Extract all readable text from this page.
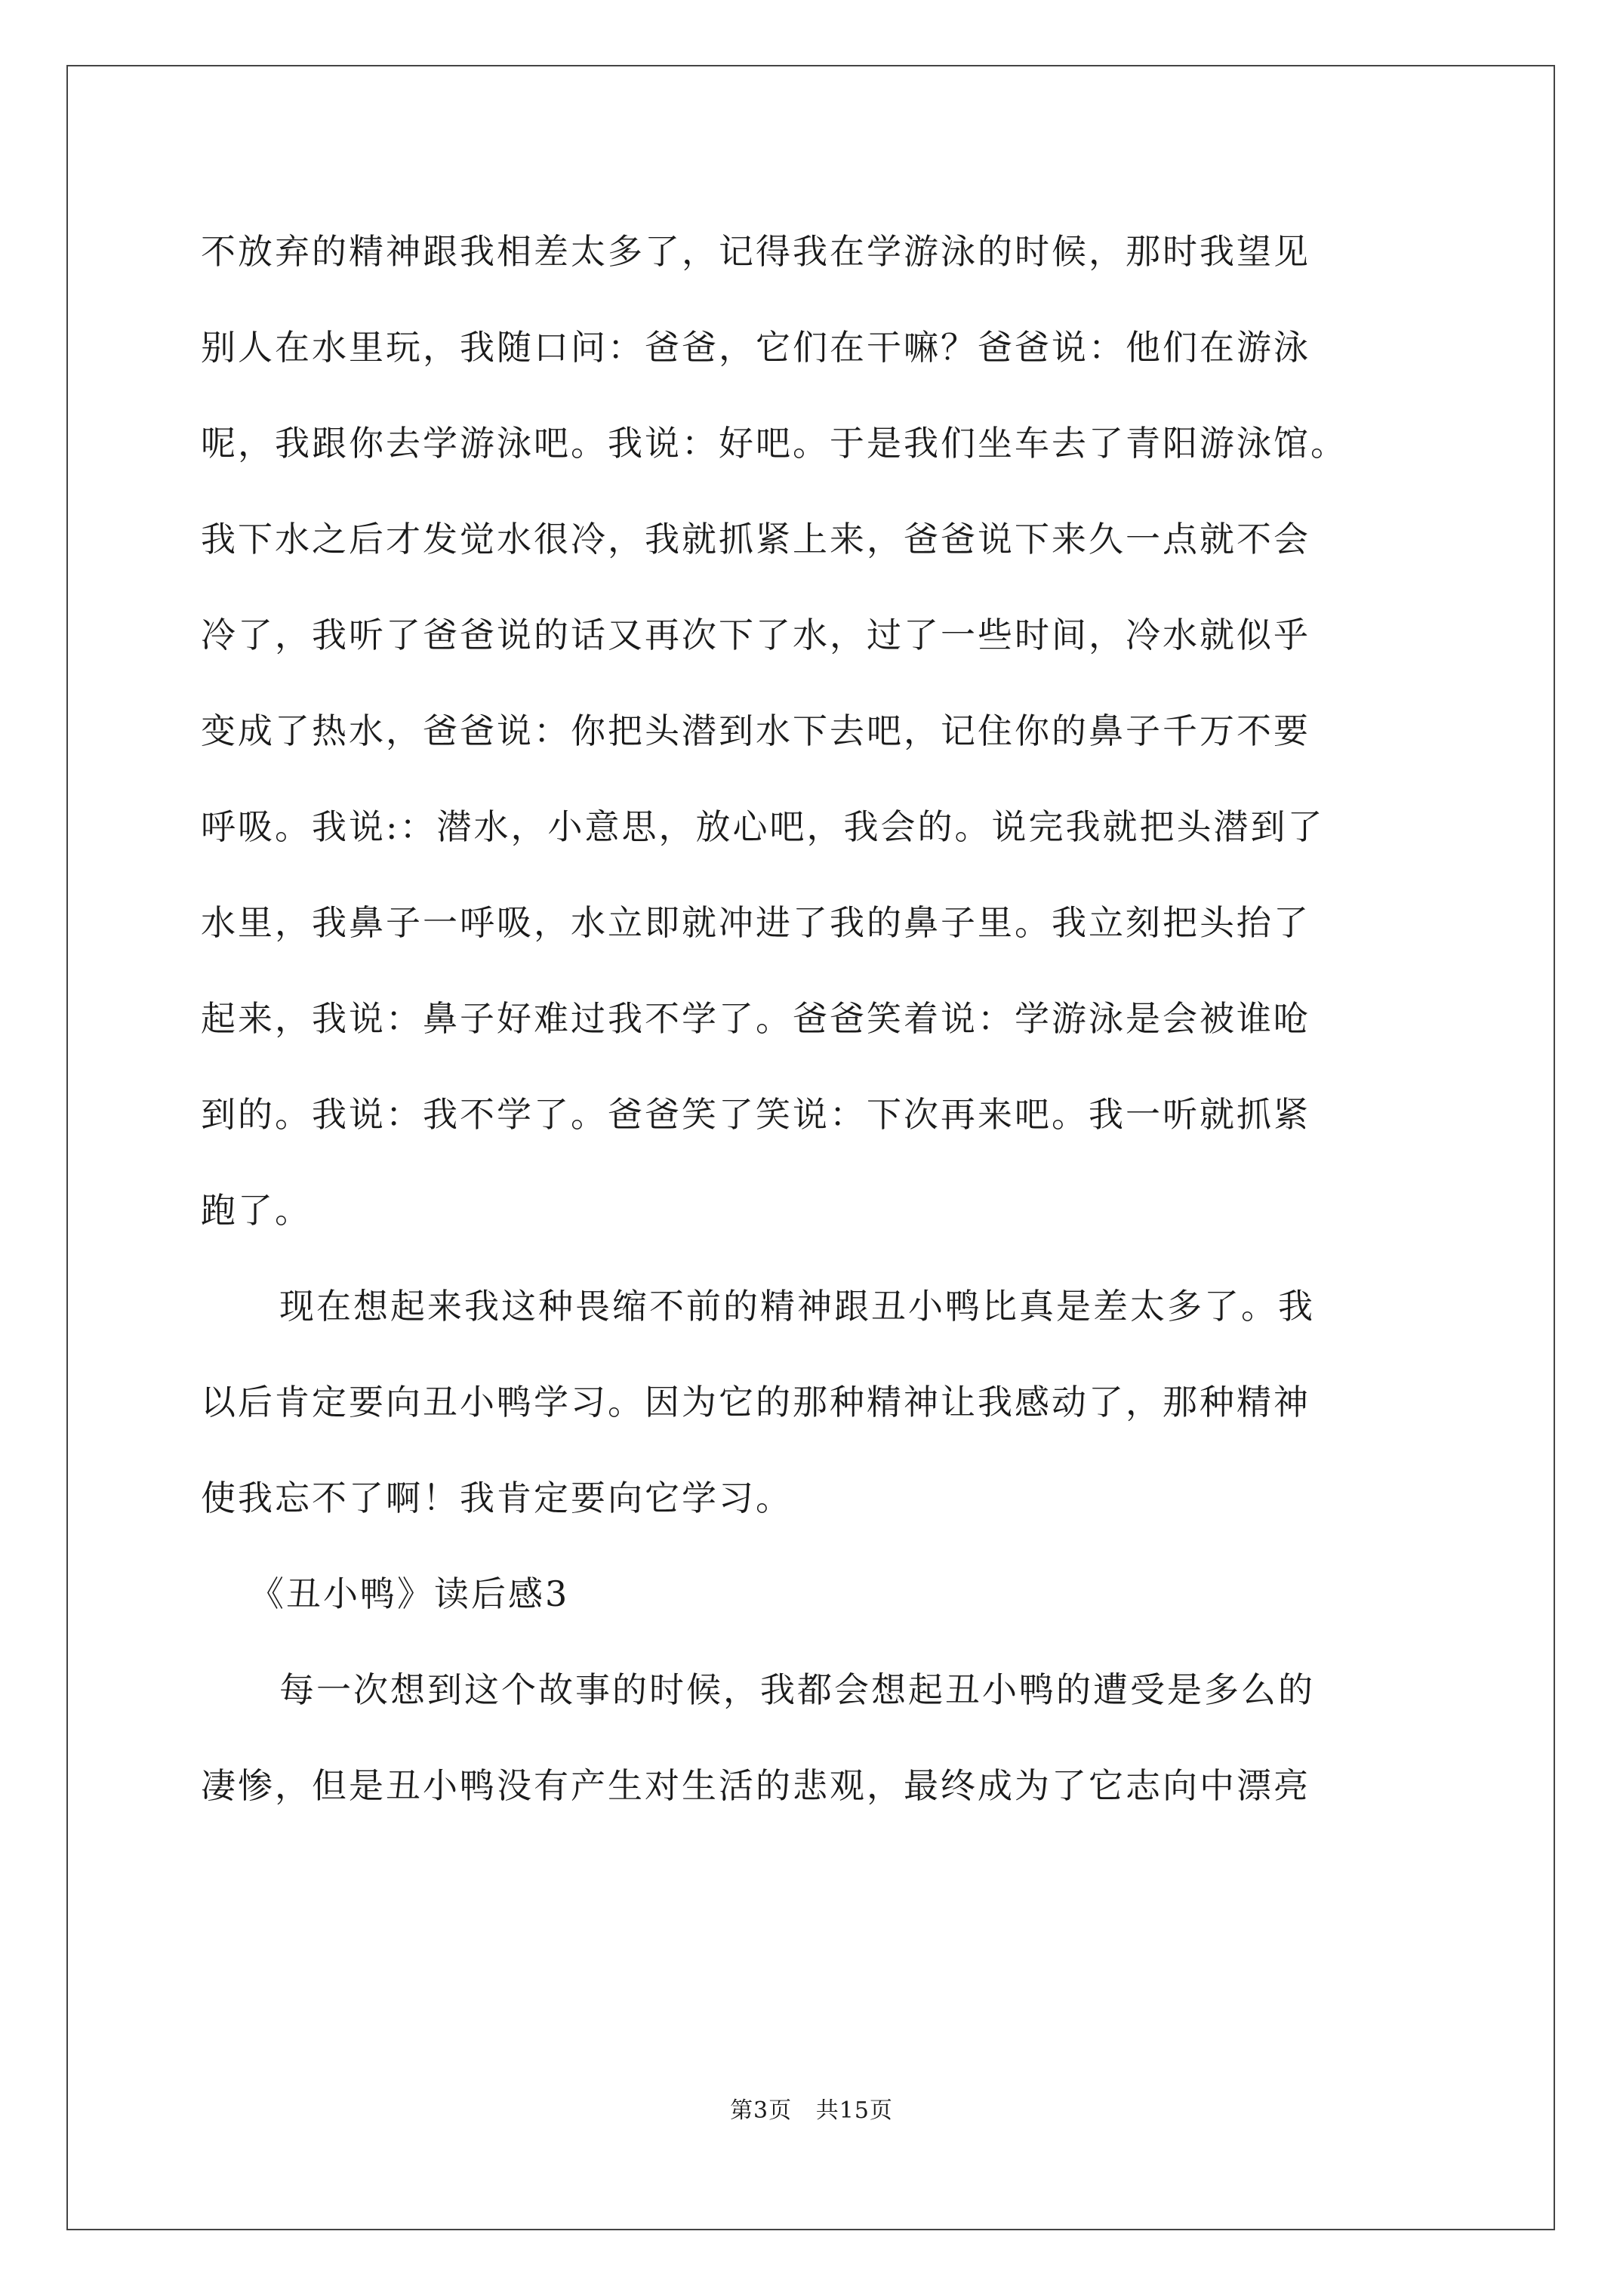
不放弃的精神跟我相差太多了，记得我在学游泳的时候，那时我望见
别人在水里玩，我随口问：爸爸，它们在干嘛？爸爸说：他们在游泳
呢，我跟你去学游泳吧。我说：好吧。于是我们坐车去了青阳游泳馆。
我下水之后才发觉水很冷，我就抓紧上来，爸爸说下来久一点就不会
冷了，我听了爸爸说的话又再次下了水，过了一些时间，冷水就似乎
变成了热水，爸爸说：你把头潜到水下去吧，记住你的鼻子千万不要
呼吸。我说:：潜水，小意思，放心吧，我会的。说完我就把头潜到了
水里，我鼻子一呼吸，水立即就冲进了我的鼻子里。我立刻把头抬了
起来，我说：鼻子好难过我不学了。爸爸笑着说：学游泳是会被谁呛
到的。我说：我不学了。爸爸笑了笑说：下次再来吧。我一听就抓紧
跑了。
现在想起来我这种畏缩不前的精神跟丑小鸭比真是差太多了。我
以后肯定要向丑小鸭学习。因为它的那种精神让我感动了，那种精神
使我忘不了啊！我肯定要向它学习。
《丑小鸭》读后感3
每一次想到这个故事的时候，我都会想起丑小鸭的遭受是多么的
凄惨，但是丑小鸭没有产生对生活的悲观，最终成为了它志向中漂亮
第3页   共15页
